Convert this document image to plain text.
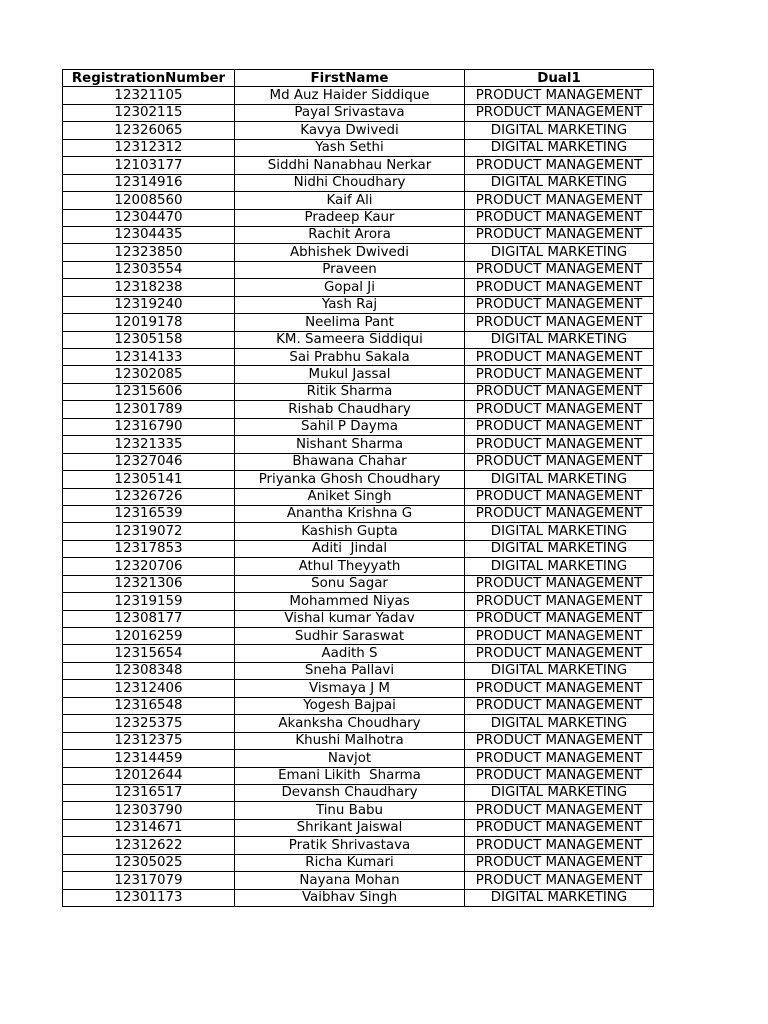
RegistrationNumber	FirstName	Dual1
12321105	Md Auz Haider Siddique	PRODUCT MANAGEMENT
12302115	Payal Srivastava	PRODUCT MANAGEMENT
12326065	Kavya Dwivedi	DIGITAL MARKETING
12312312	Yash Sethi	DIGITAL MARKETING
12103177	Siddhi Nanabhau Nerkar	PRODUCT MANAGEMENT
12314916	Nidhi Choudhary	DIGITAL MARKETING
12008560	Kaif Ali	PRODUCT MANAGEMENT
12304470	Pradeep Kaur	PRODUCT MANAGEMENT
12304435	Rachit Arora	PRODUCT MANAGEMENT
12323850	Abhishek Dwivedi	DIGITAL MARKETING
12303554	Praveen	PRODUCT MANAGEMENT
12318238	Gopal Ji	PRODUCT MANAGEMENT
12319240	Yash Raj	PRODUCT MANAGEMENT
12019178	Neelima Pant	PRODUCT MANAGEMENT
12305158	KM. Sameera Siddiqui	DIGITAL MARKETING
12314133	Sai Prabhu Sakala	PRODUCT MANAGEMENT
12302085	Mukul Jassal	PRODUCT MANAGEMENT
12315606	Ritik Sharma	PRODUCT MANAGEMENT
12301789	Rishab Chaudhary	PRODUCT MANAGEMENT
12316790	Sahil P Dayma	PRODUCT MANAGEMENT
12321335	Nishant Sharma	PRODUCT MANAGEMENT
12327046	Bhawana Chahar	PRODUCT MANAGEMENT
12305141	Priyanka Ghosh Choudhary	DIGITAL MARKETING
12326726	Aniket Singh	PRODUCT MANAGEMENT
12316539	Anantha Krishna G	PRODUCT MANAGEMENT
12319072	Kashish Gupta	DIGITAL MARKETING
12317853	Aditi  Jindal	DIGITAL MARKETING
12320706	Athul Theyyath	DIGITAL MARKETING
12321306	Sonu Sagar	PRODUCT MANAGEMENT
12319159	Mohammed Niyas	PRODUCT MANAGEMENT
12308177	Vishal kumar Yadav	PRODUCT MANAGEMENT
12016259	Sudhir Saraswat	PRODUCT MANAGEMENT
12315654	Aadith S	PRODUCT MANAGEMENT
12308348	Sneha Pallavi	DIGITAL MARKETING
12312406	Vismaya J M	PRODUCT MANAGEMENT
12316548	Yogesh Bajpai	PRODUCT MANAGEMENT
12325375	Akanksha Choudhary	DIGITAL MARKETING
12312375	Khushi Malhotra	PRODUCT MANAGEMENT
12314459	Navjot	PRODUCT MANAGEMENT
12012644	Emani Likith  Sharma	PRODUCT MANAGEMENT
12316517	Devansh Chaudhary	DIGITAL MARKETING
12303790	Tinu Babu	PRODUCT MANAGEMENT
12314671	Shrikant Jaiswal	PRODUCT MANAGEMENT
12312622	Pratik Shrivastava	PRODUCT MANAGEMENT
12305025	Richa Kumari	PRODUCT MANAGEMENT
12317079	Nayana Mohan	PRODUCT MANAGEMENT
12301173	Vaibhav Singh	DIGITAL MARKETING
